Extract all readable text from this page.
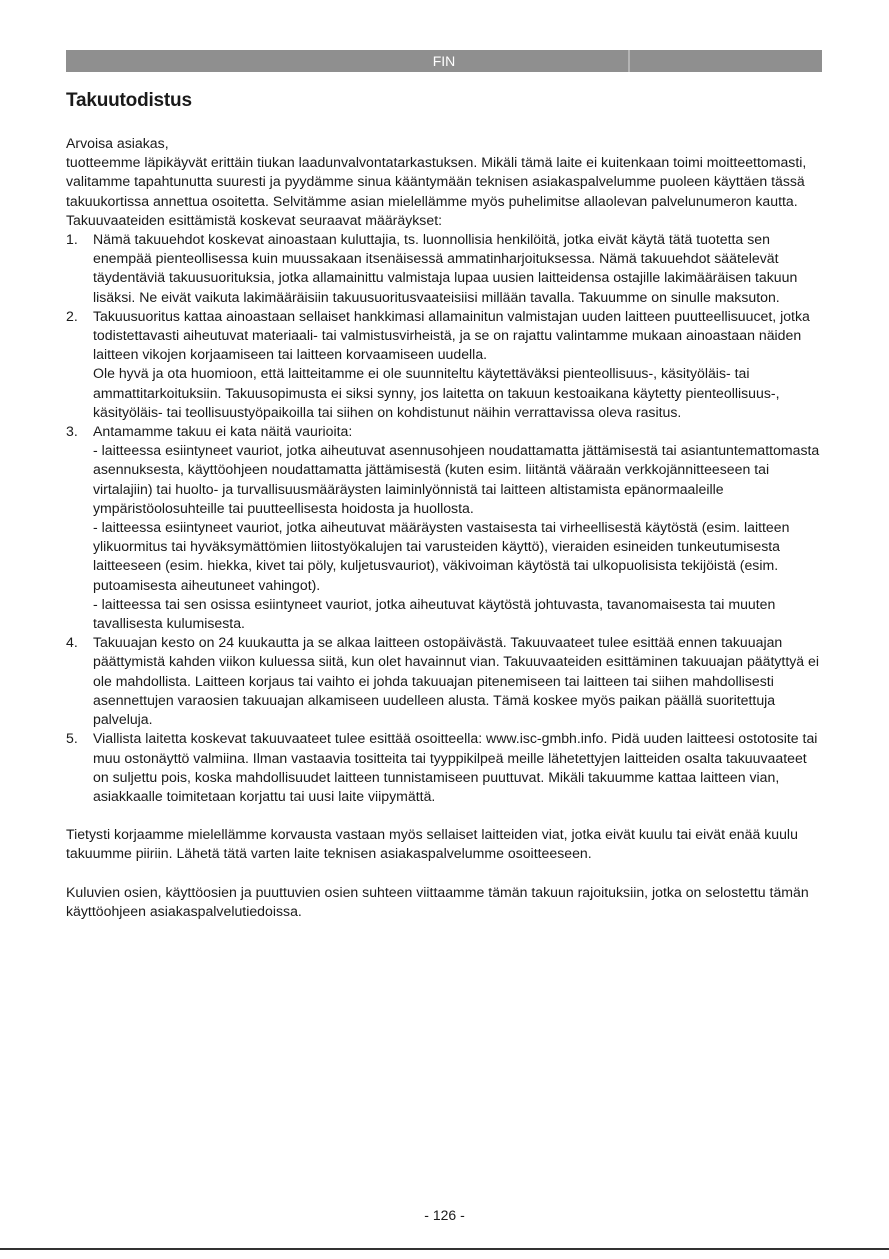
FIN
Takuutodistus

Arvoisa asiakas,

tuotteemme läpikäyvät erittäin tiukan laadunvalvontatarkastuksen. Mikäli tämä laite ei kuitenkaan toimi moitteettomasti, valitamme tapahtunutta suuresti ja pyydämme sinua kääntymään teknisen asiakaspalvelumme puoleen käyttäen tässä takuukortissa annettua osoitetta. Selvitämme asian mielellämme myös puhelimitse allaolevan palvelunumeron kautta. Takuuvaateiden esittämistä koskevat seuraavat määräykset:

1. Nämä takuuehdot koskevat ainoastaan kuluttajia, ts. luonnollisia henkilöitä, jotka eivät käytä tätä tuotetta sen enempää pienteollisessa kuin muussakaan itsenäisessä ammatinharjoituksessa. Nämä takuuehdot säätelevät täydentäviä takuusuorituksia, jotka allamainittu valmistaja lupaa uusien laitteidensa ostajille lakimääräisen takuun lisäksi. Ne eivät vaikuta lakimääräisiin takuusuoritusvaateisiisi millään tavalla. Takuumme on sinulle maksuton.

2. Takuusuoritus kattaa ainoastaan sellaiset hankkimasi allamainitun valmistajan uuden laitteen puutteellisuucet, jotka todistettavasti aiheutuvat materiaali- tai valmistusvirheistä, ja se on rajattu valintamme mukaan ainoastaan näiden laitteen vikojen korjaamiseen tai laitteen korvaamiseen uudella.

Ole hyvä ja ota huomioon, että laitteitamme ei ole suunniteltu käytettäväksi pienteollisuus-, käsityöläis- tai ammattitarkoituksiin. Takuusopimusta ei siksi synny, jos laitetta on takuun kestoaikana käytetty pienteollisuus-, käsityöläis- tai teollisuustyöpaikoilla tai siihen on kohdistunut näihin verrattavissa oleva rasitus.

3. Antamamme takuu ei kata näitä vaurioita:

- laitteessa esiintyneet vauriot, jotka aiheutuvat asennusohjeen noudattamatta jättämisestä tai asiantuntemattomasta asennuksesta, käyttöohjeen noudattamatta jättämisestä (kuten esim. liitäntä vääraän verkkojännitteeseen tai virtalajiin) tai huolto- ja turvallisuusmääräysten laiminlyönnistä tai laitteen altistamista epänormaaleille ympäristöolosuhteille tai puutteellisesta hoidosta ja huollosta.

- laitteessa esiintyneet vauriot, jotka aiheutuvat määräysten vastaisesta tai virheellisestä käytöstä (esim. laitteen ylikuormitus tai hyväksymättömien liitostyökalujen tai varusteiden käyttö), vieraiden esineiden tunkeutumisesta laitteeseen (esim. hiekka, kivet tai pöly, kuljetusvauriot), väkivoiman käytöstä tai ulkopuolisista tekijöistä (esim. putoamisesta aiheutuneet vahingot).

- laitteessa tai sen osissa esiintyneet vauriot, jotka aiheutuvat käytöstä johtuvasta, tavanomaisesta tai muuten tavallisesta kulumisesta.

4. Takuuajan kesto on 24 kuukautta ja se alkaa laitteen ostopäivästä. Takuuvaateet tulee esittää ennen takuuajan päättymistä kahden viikon kuluessa siitä, kun olet havainnut vian. Takuuvaateiden esittäminen takuuajan päätyttyä ei ole mahdollista. Laitteen korjaus tai vaihto ei johda takuuajan pitenemiseen tai laitteen tai siihen mahdollisesti asennettujen varaosien takuuajan alkamiseen uudelleen alusta. Tämä koskee myös paikan päällä suoritettuja palveluja.

5. Viallista laitetta koskevat takuuvaateet tulee esittää osoitteella: www.isc-gmbh.info. Pidä uuden laitteesi ostotosite tai muu ostonäyttö valmiina. Ilman vastaavia tositteita tai tyyppikilpeä meille lähetettyjen laitteiden osalta takuuvaateet on suljettu pois, koska mahdollisuudet laitteen tunnistamiseen puuttuvat. Mikäli takuumme kattaa laitteen vian, asiakkaalle toimitetaan korjattu tai uusi laite viipymättä.

Tietysti korjaamme mielellämme korvausta vastaan myös sellaiset laitteiden viat, jotka eivät kuulu tai eivät enää kuulu takuumme piiriin. Lähetä tätä varten laite teknisen asiakaspalvelumme osoitteeseen.

Kuluvien osien, käyttöosien ja puuttuvien osien suhteen viittaamme tämän takuun rajoituksiin, jotka on selostettu tämän käyttöohjeen asiakaspalvelutiedoissa.

- 126 -
